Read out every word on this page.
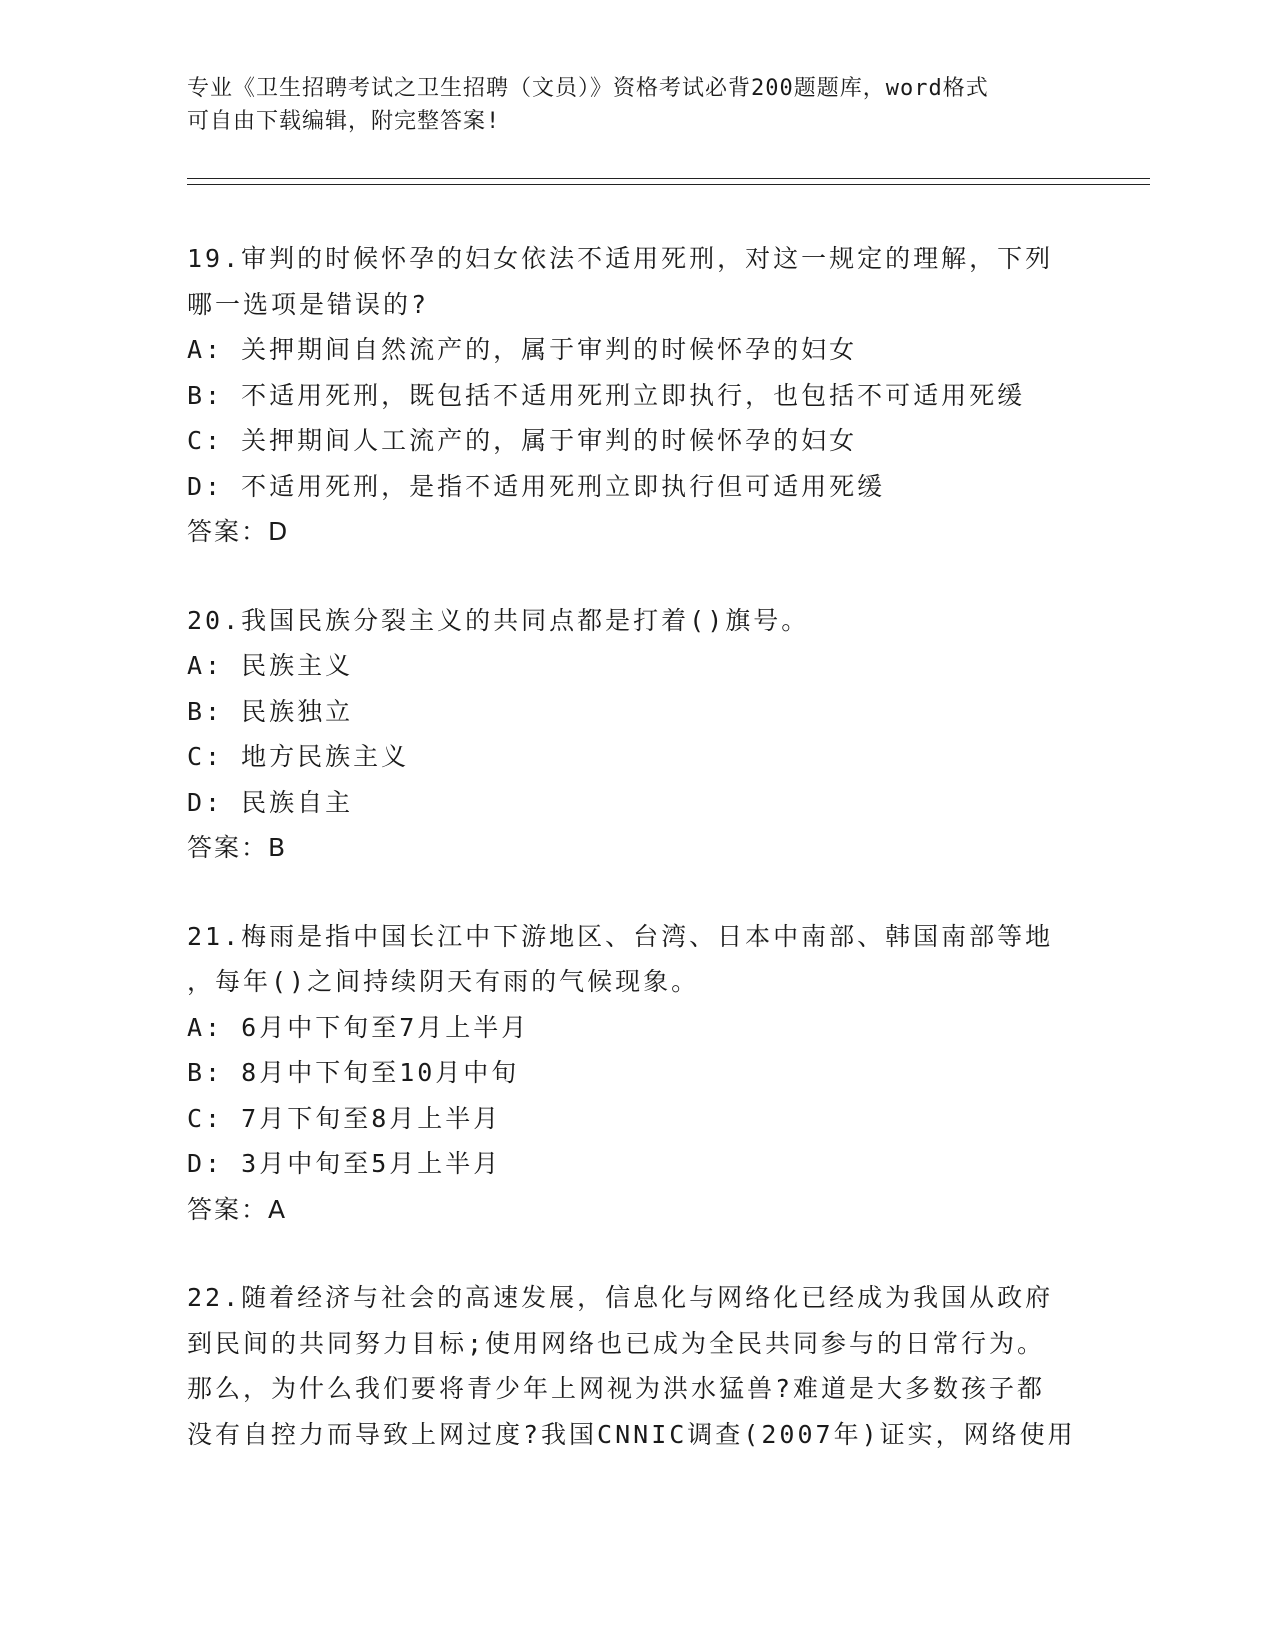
专业《卫生招聘考试之卫生招聘（文员）》资格考试必背200题题库，word格式
可自由下载编辑，附完整答案!
19.审判的时候怀孕的妇女依法不适用死刑，对这一规定的理解，下列
哪一选项是错误的?
A: 关押期间自然流产的，属于审判的时候怀孕的妇女
B: 不适用死刑，既包括不适用死刑立即执行，也包括不可适用死缓
C: 关押期间人工流产的，属于审判的时候怀孕的妇女
D: 不适用死刑，是指不适用死刑立即执行但可适用死缓
答案：D
20.我国民族分裂主义的共同点都是打着()旗号。
A: 民族主义
B: 民族独立
C: 地方民族主义
D: 民族自主
答案：B
21.梅雨是指中国长江中下游地区、台湾、日本中南部、韩国南部等地
，每年()之间持续阴天有雨的气候现象。
A: 6月中下旬至7月上半月
B: 8月中下旬至10月中旬
C: 7月下旬至8月上半月
D: 3月中旬至5月上半月
答案：A
22.随着经济与社会的高速发展，信息化与网络化已经成为我国从政府
到民间的共同努力目标;使用网络也已成为全民共同参与的日常行为。
那么，为什么我们要将青少年上网视为洪水猛兽?难道是大多数孩子都
没有自控力而导致上网过度?我国CNNIC调查(2007年)证实，网络使用
